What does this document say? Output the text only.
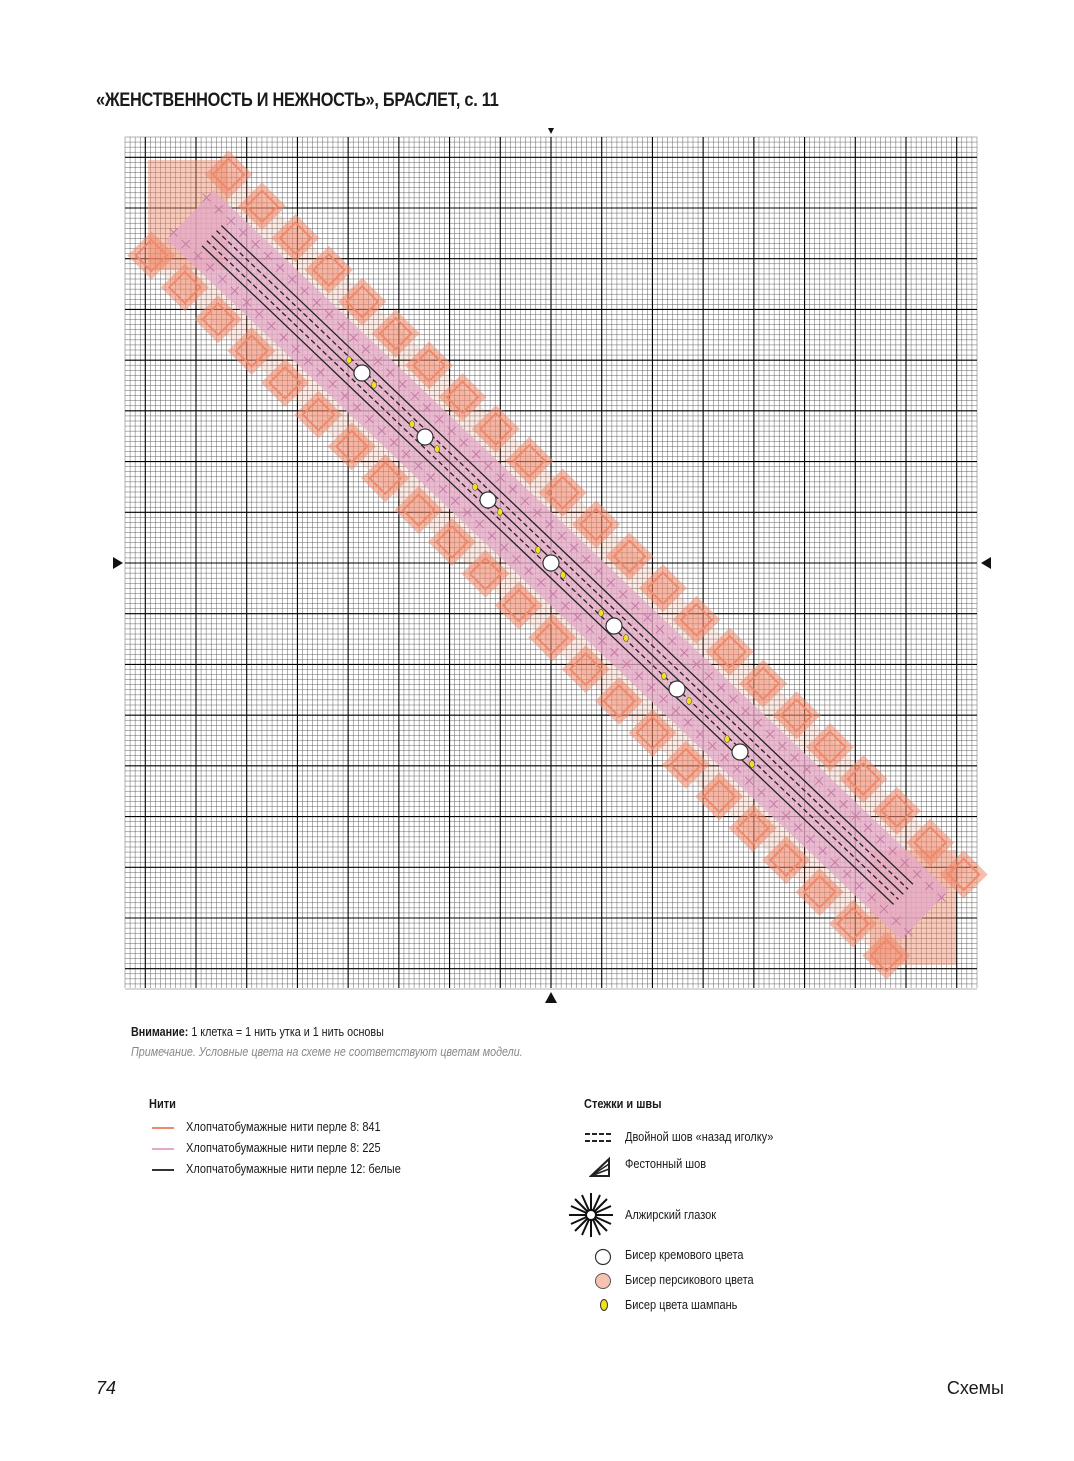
«ЖЕНСТВЕННОСТЬ И НЕЖНОСТЬ», БРАСЛЕТ, с. 11
Внимание: 1 клетка = 1 нить утка и 1 нить основы
Примечание. Условные цвета на схеме не соответствуют цветам модели.
Нити
Хлопчатобумажные нити перле 8: 841
Хлопчатобумажные нити перле 8: 225
Хлопчатобумажные нити перле 12: белые
Стежки и швы
Двойной шов «назад иголку»
Фестонный шов
Алжирский глазок
Бисер кремового цвета
Бисер персикового цвета
Бисер цвета шампань
74	Схемы
